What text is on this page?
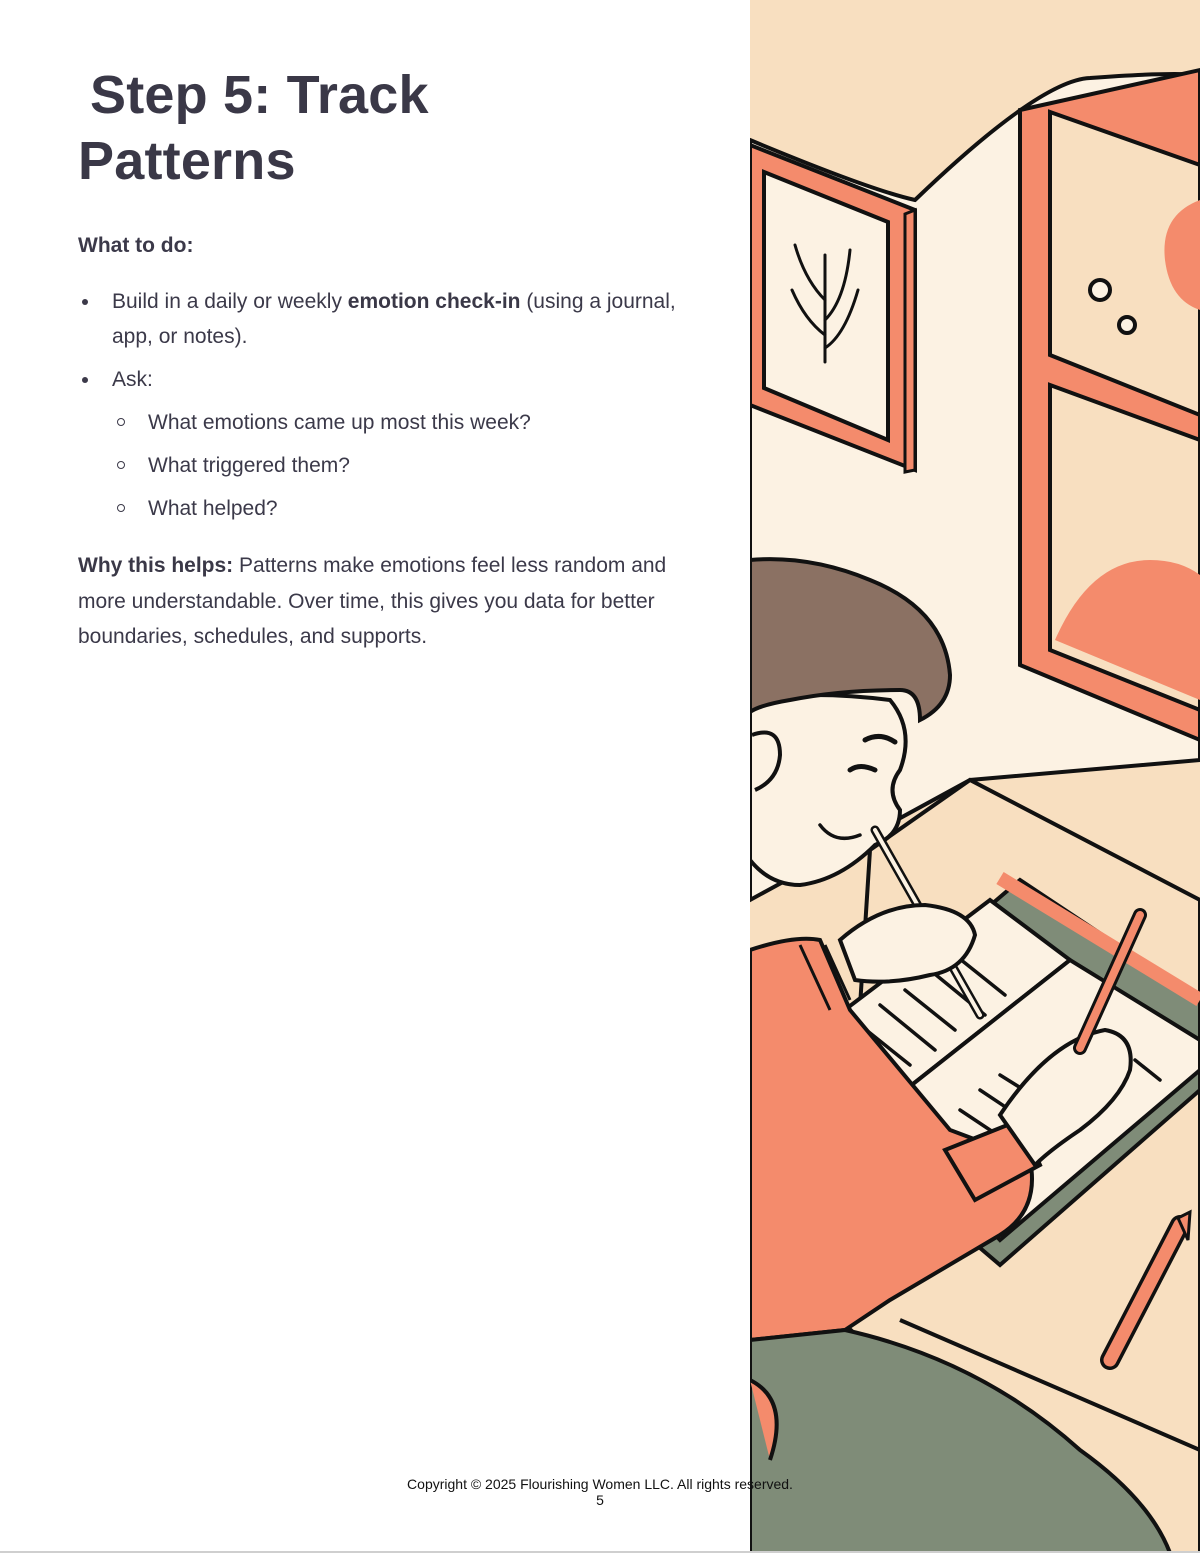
Step 5: Track
Patterns

What to do:

Build in a daily or weekly emotion check-in (using a journal, app, or notes).
Ask:
What emotions came up most this week?
What triggered them?
What helped?

Why this helps: Patterns make emotions feel less random and more understandable. Over time, this gives you data for better boundaries, schedules, and supports.

Copyright © 2025 Flourishing Women LLC. All rights reserved.
5
